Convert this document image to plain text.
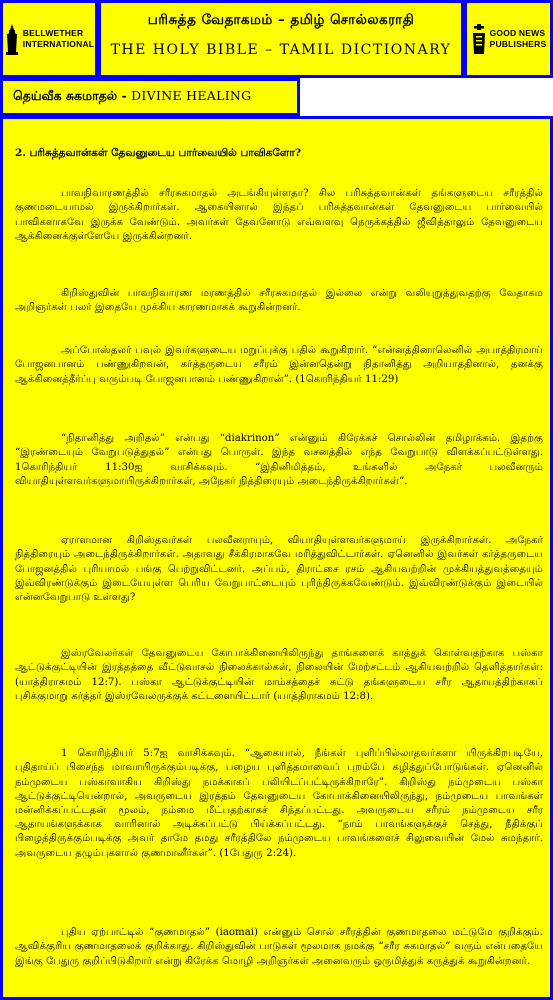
BELLWETHER
INTERNATIONAL
பரிசுத்த வேதாகமம் – தமிழ் சொல்லகராதி
THE HOLY BIBLE – TAMIL DICTIONARY
GOOD NEWS
PUBLISHERS
தெய்வீக சுகமாதல் - DIVINE HEALING
2. பரிசுத்தவான்கள் தேவனுடைய பார்வையில் பாவிகளோ?

பாவநிவாரணத்தில் சரீரசுகமாதல் அடங்கியுள்ளதா? சில பரிசுத்தவான்கள் தங்களுடைய சரீரத்தில் குணமடையாமல் இருக்கிறார்கள். ஆகையினால் இந்தப் பரிசுத்தவான்கள் தேவனுடைய பார்வையில் பாவிகளாகவே இருக்க வேண்டும். அவர்கள் தேவனோடு எவ்வளவு நெருக்கத்தில் ஜீவித்தாலும் தேவனுடைய ஆக்கினைக்குள்ளேயே இருக்கின்றனர்.

கிறிஸ்துவின் பாவநிவாரண மரணத்தில் சரீரசுகமாதல் இல்லை என்று வலியுறுத்துவதற்கு வேதாகம அறிஞர்கள் பலர் இதையே முக்கிய காரணமாகக் கூறுகின்றனர்.

அப்போஸ்தலர் பவுல் இவர்களுடைய மறுப்புக்கு பதில் கூறுகிறார். “என்னத்தினாலெனில் அபாத்திரமாய் போஜனபானம் பண்ணுகிறவன், கர்த்தருடைய சரீரம் இன்னதென்று நிதானித்து அறியாததினால், தனக்கு ஆக்கினைத்தீர்ப்பு வரும்படி போஜனபானம் பண்ணுகிறான்”. (1கொரிந்தியர் 11:29)

“நிதானித்து அறிதல்” என்பது “diakrinon” என்னும் கிரேக்கச் சொல்லின் தமிழாக்கம். இதற்கு “இரண்டையும் வேறுபடுத்துதல்” என்பது பொருள். இந்த வசனத்தில் எந்த வேறுபாடு விளக்கப்பட்டுள்ளது. 1கொரிந்தியர் 11:30ஐ வாசிக்கவும். “இதினிமித்தம், உங்களில் அநேகர் பலவீனரும் வியாதியுள்ளவர்களுமாயிருக்கிறார்கள், அநேகர் நித்திரையும் அடைந்திருக்கிறார்கள்”.

ஏராளமான கிறிஸ்தவர்கள் பலவீனராயும், வியாதியுள்ளவர்களுமாய் இருக்கிறார்கள். அநேகர் நித்திரையும் அடைந்திருக்கிறார்கள். அதாவது சீக்கிரமாகவே மரித்துவிட்டார்கள். ஏனெனில் இவர்கள் கர்த்தருடைய போஜனத்தில் புரியாமல் பங்கு பெற்றுவிட்டனர். அப்பம், திராட்சை ரசம் ஆகியவற்றின் முக்கியத்துவத்தையும் இவ்விரண்டுக்கும் இடையேயுள்ள பெரிய வேறுபாட்டையும் புரிந்திருக்கவேண்டும். இவ்விரண்டுக்கும் இடையில் என்னவேறுபாடு உள்ளது?

இஸ்ரவேலர்கள் தேவனுடைய கோபாக்கினையிலிருந்து தாங்களைக் காத்துக் கொள்வதற்காக பஸ்கா ஆட்டுக்குட்டியின் இரத்தத்தை வீட்டுவாசல் நிலைக்கால்கள், நிலையின் மேற்சட்டம் ஆகியவற்றில் தெளித்தார்கள்: (யாத்திராகமம் 12:7). பஸ்கா ஆட்டுக்குட்டியின் மாம்சத்தைச் சுட்டு தங்களுடைய சரீர ஆதாயத்திற்காகப் புசிக்குமாறு கர்த்தர் இஸ்ரவேலருக்குக் கட்டளையிட்டார் (யாத்திராகமம் 12:8).

1 கொரிந்தியர் 5:7ஐ வாசிக்கவும். “ஆகையால், நீங்கள் புளிப்பில்லாதவர்களா யிருக்கிறபடியே, புதிதாய்ப் பிசைந்த மாவாயிருக்கும்படிக்கு, பழைய புளித்தமாவைப் புறம்பே கழித்துப்போடுங்கள். ஏனெனில் நம்முடைய பஸ்காவாகிய கிறிஸ்து நமக்காகப் பலியிடப்பட்டிருக்கிறாரே”. கிறிஸ்து நம்முடைய பஸ்கா ஆட்டுக்குட்டியென்றால், அவருடைய இரத்தம் தேவனுடைய கோபாக்கினையிலிருந்து, நம்முடைய பாவங்கள் மன்னிக்கப்பட்டதன் மூலம், நம்மை மீட்பதற்காகச் சிந்தப்பட்டது. அவருடைய சரீரம் நம்முடைய சரீர ஆதாயங்களுக்காக வாரினால் அடிக்கப்பட்டு பிய்க்கப்பட்டது. “நாம் பாவங்களுக்குச் செத்து, நீதிக்குப் பிழைத்திருக்கும்படிக்கு அவர் தாமே தமது சரீரத்திலே நம்முடைய பாவங்களைச் சிலுவையின் மேல் சுமந்தார். அவருடைய தழும்புகளால் குணமானீர்கள்”. (1பேதுரு 2:24).

புதிய ஏற்பாட்டில் “குணமாதல்” (iaomai) என்னும் சொல் சரீரத்தின் குணமாதலை மட்டுமே குறிக்கும். ஆவிக்குரிய குணமாதலைக் குறிக்காது. கிறிஸ்துவின் பாடுகள் மூலமாக நமக்கு “சரீர சுகமாதல்” வரும் என்பதையே இங்கு பேதுரு குறிப்பிடுகிறார் என்று கிரேக்க மொழி அறிஞர்கள் அனைவரும் ஒருமித்துக் கருத்துக் கூறுகின்றனர்.
